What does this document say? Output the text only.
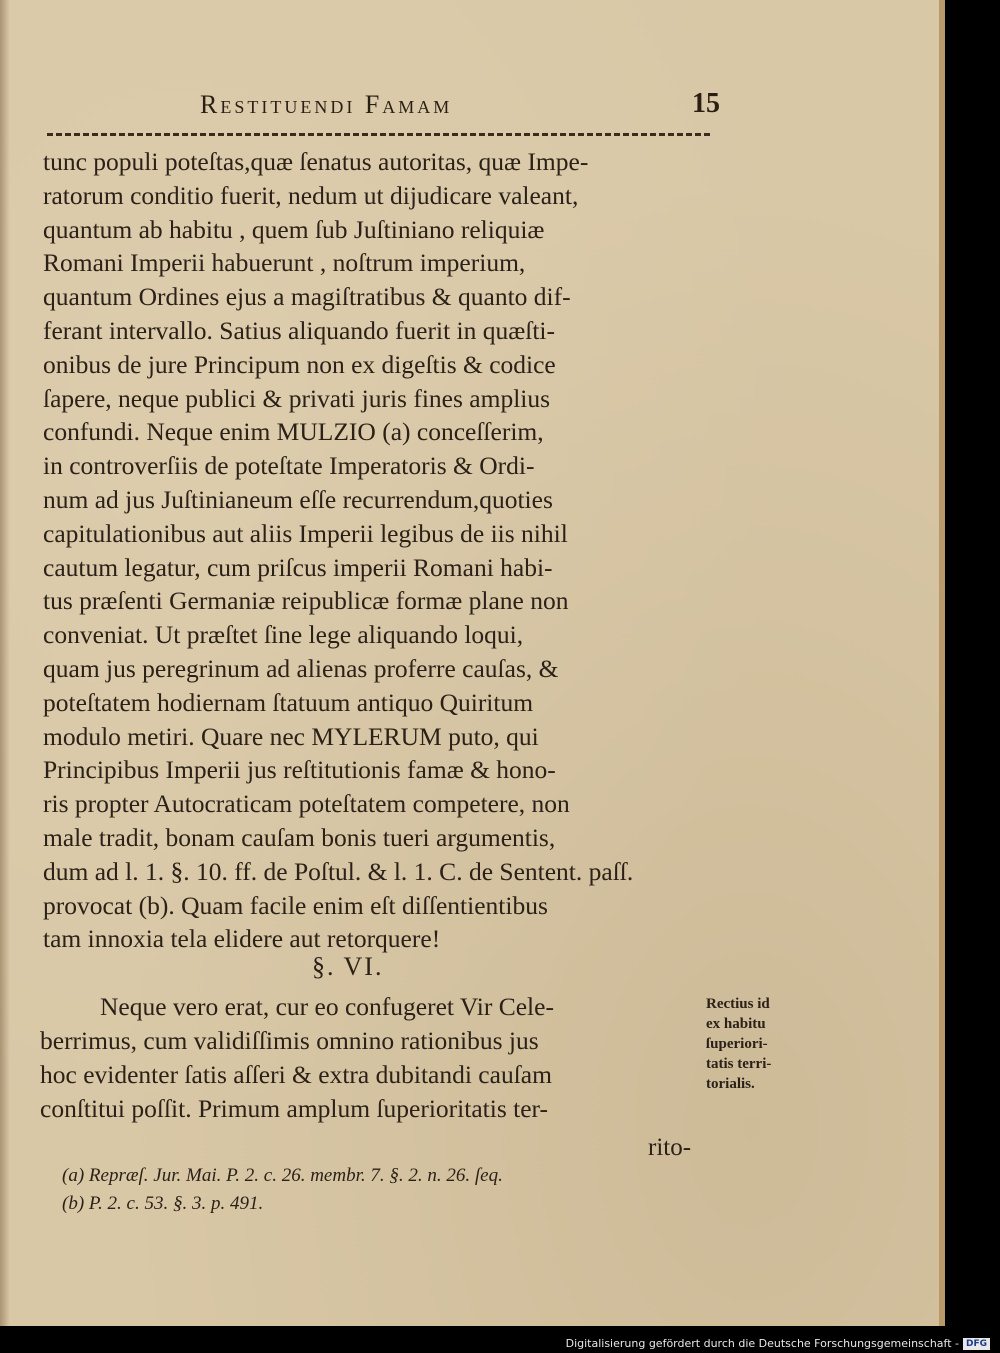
Restituendi Famam	15
tunc populi poteſtas,quæ ſenatus autoritas, quæ Impe-
ratorum conditio fuerit, nedum ut dijudicare valeant,
quantum ab habitu , quem ſub Juſtiniano reliquiæ
Romani Imperii habuerunt , noſtrum imperium,
quantum Ordines ejus a magiſtratibus & quanto dif-
ferant intervallo. Satius aliquando fuerit in quæſti-
onibus de jure Principum non ex digeſtis & codice
ſapere, neque publici & privati juris fines amplius
confundi. Neque enim MULZIO (a) conceſſerim,
in controverſiis de poteſtate Imperatoris & Ordi-
num ad jus Juſtinianeum eſſe recurrendum,quoties
capitulationibus aut aliis Imperii legibus de iis nihil
cautum legatur, cum priſcus imperii Romani habi-
tus præſenti Germaniæ reipublicæ formæ plane non
conveniat. Ut præſtet ſine lege aliquando loqui,
quam jus peregrinum ad alienas proferre cauſas, &
poteſtatem hodiernam ſtatuum antiquo Quiritum
modulo metiri. Quare nec MYLERUM puto, qui
Principibus Imperii jus reſtitutionis famæ & hono-
ris propter Autocraticam poteſtatem competere, non
male tradit, bonam cauſam bonis tueri argumentis,
dum ad l. 1. §. 10. ff. de Poſtul. & l. 1. C. de Sentent. paſſ.
provocat (b). Quam facile enim eſt diſſentientibus
tam innoxia tela elidere aut retorquere!
§. VI.
Neque vero erat, cur eo confugeret Vir Cele-
berrimus, cum validiſſimis omnino rationibus jus
hoc evidenter ſatis aſſeri & extra dubitandi cauſam
conſtitui poſſit. Primum amplum ſuperioritatis ter-
rito-
Rectius id
ex habitu
ſuperiori-
tatis terri-
torialis.
(a) Repræſ. Jur. Mai. P. 2. c. 26. membr. 7. §. 2. n. 26. ſeq.
(b) P. 2. c. 53. §. 3. p. 491.
Digitalisierung gefördert durch die Deutsche Forschungsgemeinschaft - DFG
